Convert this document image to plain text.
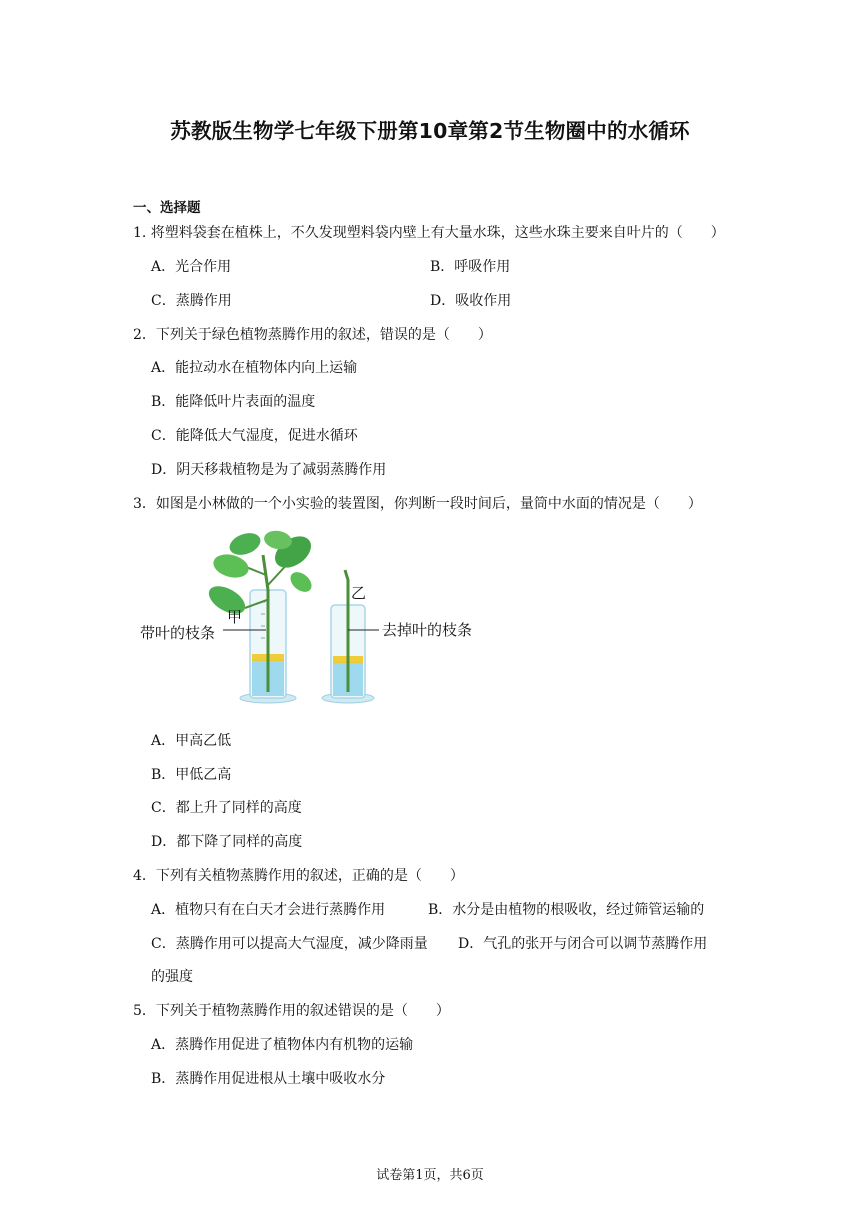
苏教版生物学七年级下册第10章第2节生物圈中的水循环
一、选择题
1. 将塑料袋套在植株上，不久发现塑料袋内壁上有大量水珠，这些水珠主要来自叶片的（　　）
A．光合作用	B．呼吸作用
C．蒸腾作用	D．吸收作用
2．下列关于绿色植物蒸腾作用的叙述，错误的是（　　）
A．能拉动水在植物体内向上运输
B．能降低叶片表面的温度
C．能降低大气湿度，促进水循环
D．阴天移栽植物是为了减弱蒸腾作用
3．如图是小林做的一个小实验的装置图，你判断一段时间后，量筒中水面的情况是（　　）
甲
乙
带叶的枝条	去掉叶的枝条
A．甲高乙低
B．甲低乙高
C．都上升了同样的高度
D．都下降了同样的高度
4．下列有关植物蒸腾作用的叙述，正确的是（　　）
A．植物只有在白天才会进行蒸腾作用	B．水分是由植物的根吸收，经过筛管运输的
C．蒸腾作用可以提高大气湿度，减少降雨量 D．气孔的张开与闭合可以调节蒸腾作用
的强度
5．下列关于植物蒸腾作用的叙述错误的是（　　）
A．蒸腾作用促进了植物体内有机物的运输
B．蒸腾作用促进根从土壤中吸收水分
试卷第1页，共6页
